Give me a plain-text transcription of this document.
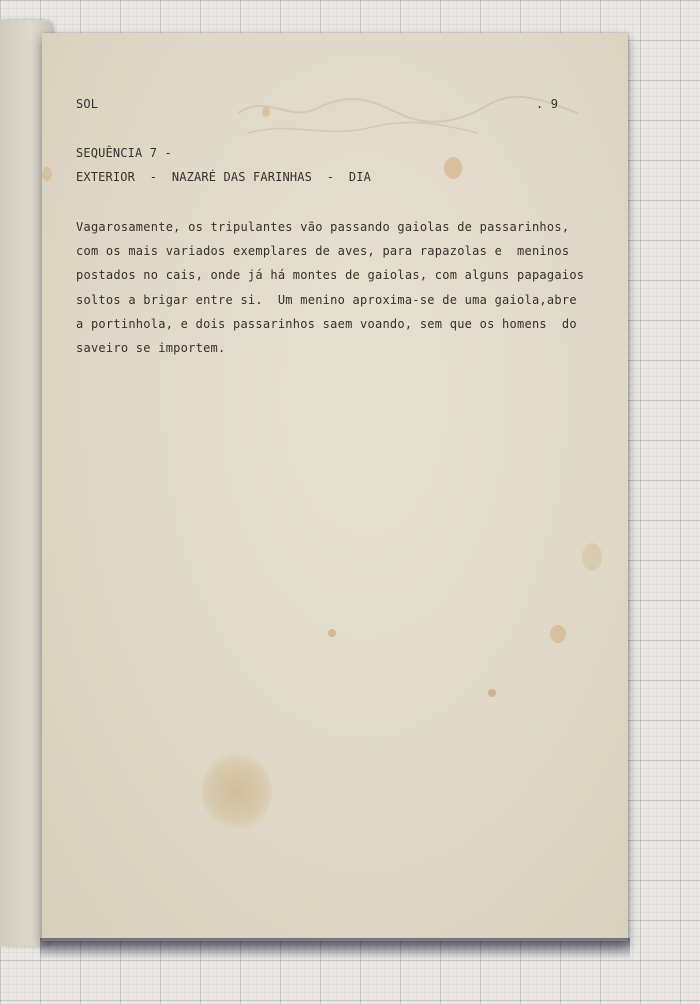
SOL	. 9

SEQUÊNCIA 7 -

EXTERIOR  -  NAZARÉ DAS FARINHAS  -  DIA

Vagarosamente, os tripulantes vão passando gaiolas de passarinhos,
com os mais variados exemplares de aves, para rapazolas e  meninos
postados no cais, onde já há montes de gaiolas, com alguns papagaios
soltos a brigar entre si.  Um menino aproxima-se de uma gaiola,abre
a portinhola, e dois passarinhos saem voando, sem que os homens  do
saveiro se importem.
